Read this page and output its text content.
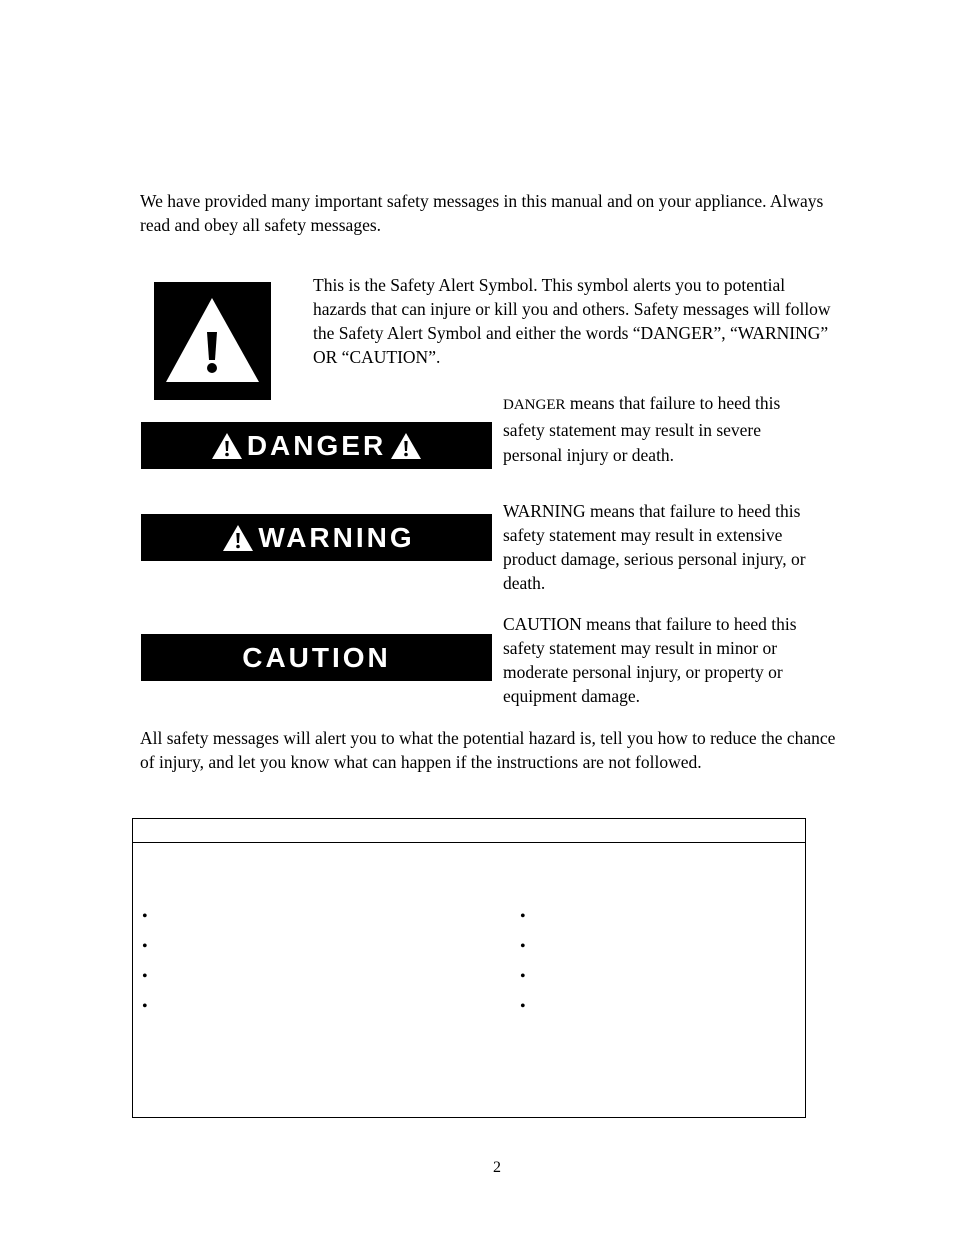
We have provided many important safety messages in this manual and on your appliance. Always read and obey all safety messages.

This is the Safety Alert Symbol. This symbol alerts you to potential hazards that can injure or kill you and others. Safety messages will follow the Safety Alert Symbol and either the words “DANGER”, “WARNING” OR “CAUTION”.

DANGER

DANGER means that failure to heed this safety statement may result in severe personal injury or death.

WARNING

WARNING means that failure to heed this safety statement may result in extensive product damage, serious personal injury, or death.

CAUTION

CAUTION means that failure to heed this safety statement may result in minor or moderate personal injury, or property or equipment damage.

All safety messages will alert you to what the potential hazard is, tell you how to reduce the chance of injury, and let you know what can happen if the instructions are not followed.

•
•
•
•
•
•
•
•
2
